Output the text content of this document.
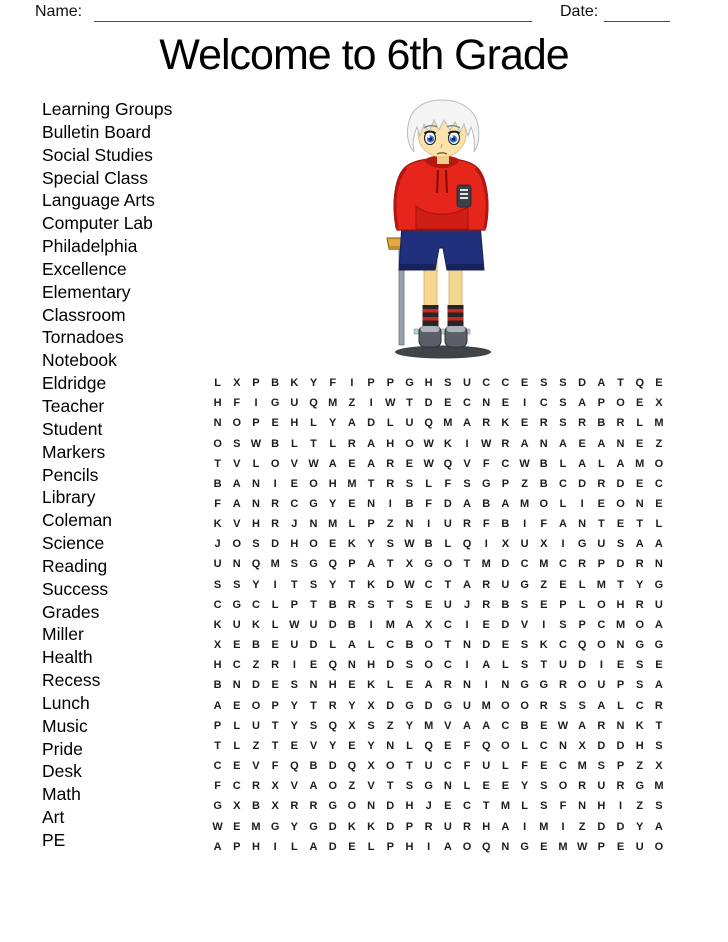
Name:	Date:
Welcome to 6th Grade
Learning Groups
Bulletin Board
Social Studies
Special Class
Language Arts
Computer Lab
Philadelphia
Excellence
Elementary
Classroom
Tornadoes
Notebook
Eldridge
Teacher
Student
Markers
Pencils
Library
Coleman
Science
Reading
Success
Grades
Miller
Health
Recess
Lunch
Music
Pride
Desk
Math
Art
PE
L	X	P	B	K	Y	F	I	P	P	G H	S	U	C	C	E	S	S	D	A	T	Q	E
H	F	I	G U Q M	Z	I	W T	D	E	C	N	E	I	C	S	A	P	O	E	X
N O	P	E	H	L	Y	A	D	L	U Q M A	R	K	E	R	S	R	B	R	L	M
O	S W B	L	T	L	R	A	H O W K	I	W R	A	N	A	E	A	N	E	Z
T	V	L	O	V W A	E	A	R	E W Q	V	F	C W B	L	A	L	A M O
B	A	N	I	E	O H M	T	R	S	L	F	S	G	P	Z	B	C	D	R	D	E	C
F	A	N	R	C G	Y	E	N	I	B	F	D	A	B	A M O	L	I	E	O N	E
K	V	H	R	J	N M	L	P	Z	N	I	U	R	F	B	I	F	A	N	T	E	T	L
J	O	S	D	H O	E	K	Y	S W B	L	Q	I	X	U	X	I	G U	S	A	A
U	N Q M S	G Q	P	A	T	X	G O	T	M D	C M C	R	P	D	R	N
S	S	Y	I	T	S	Y	T	K	D W C	T	A	R	U G	Z	E	L	M	T	Y	G
C G C	L	P	T	B	R	S	T	S	E	U	J	R	B	S	E	P	L	O H	R	U
K	U	K	L W U	D	B	I	M A	X	C	I	E	D	V	I	S	P	C M O A
X	E	B	E	U	D	L	A	L	C	B O	T	N	D	E	S	K	C Q O N G G
H	C	Z	R	I	E	Q N	H	D	S	O C	I	A	L	S	T	U	D	I	E	S	E
B	N	D	E	S	N	H	E	K	L	E	A	R	N	I	N G G R O U	P	S	A
A	E	O	P	Y	T	R	Y	X	D G D G U M O O R	S	S	A	L	C	R
P	L	U	T	Y	S	Q	X	S	Z	Y M V	A	A	C	B	E W A	R	N	K	T
T	L	Z	T	E	V	Y	E	Y	N	L	Q	E	F	Q O	L	C	N	X	D	D	H	S
C	E	V	F	Q B	D Q	X	O	T	U	C	F	U	L	F	E	C M S	P	Z	X
F	C	R	X	V	A O	Z	V	T	S	G N	L	E	E	Y	S	O R	U	R G M
G	X	B	X	R	R G O N	D	H	J	E	C	T	M	L	S	F	N	H	I	Z	S
W E M G	Y	G D	K	K	D	P	R	U	R	H	A	I	M	I	Z	D	D	Y	A
A	P	H	I	L	A	D	E	L	P	H	I	A O Q N G	E M W P	E	U O
